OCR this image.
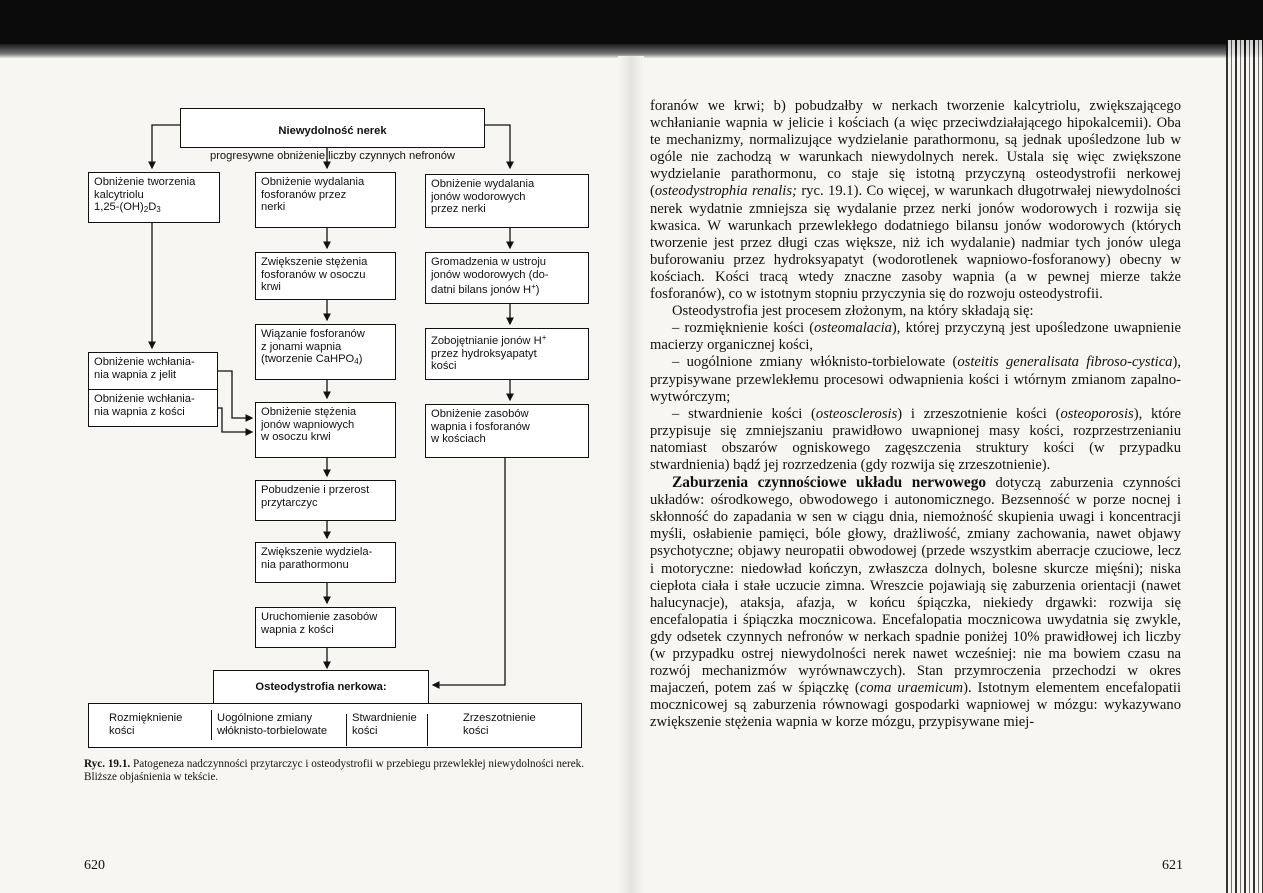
Niewydolność nerek

progresywne obniżenie liczby czynnych nefronów

Obniżenie tworzenia
kalcytriolu
$1,25-(OH)_2D_3$
Obniżenie wchłania-
nia wapnia z jelit
Obniżenie wchłania-
nia wapnia z kości
Obniżenie wydalania
fosforanów przez
nerki
Zwiększenie stężenia
fosforanów w osoczu
krwi
Wiązanie fosforanów
z jonami wapnia
(tworzenie CaHPO$_4$)
Obniżenie stężenia
jonów wapniowych
w osoczu krwi
Pobudzenie i przerost
przytarczyc
Zwiększenie wydziela-
nia parathormonu
Uruchomienie zasobów
wapnia z kości
Obniżenie wydalania
jonów wodorowych
przez nerki
Gromadzenia w ustroju
jonów wodorowych (do-
datni bilans jonów H+)
Zobojętnianie jonów H+
przez hydroksyapatyt
kości
Obniżenie zasobów
wapnia i fosforanów
w kościach
Osteodystrofia nerkowa:

Rozmięknienie
kości

Uogólnione zmiany
włóknisto-torbielowate

Stwardnienie
kości

Zrzeszotnienie
kości

Ryc. 19.1. Patogeneza nadczynności przytarczyc i osteodystrofii w przebiegu przewlekłej niewydolności nerek. Bliższe objaśnienia w tekście.
620	621

foranów we krwi; b) pobudzałby w nerkach tworzenie kalcytriolu, zwiększającego wchłanianie wapnia w jelicie i kościach (a więc przeciwdziałającego hipokalcemii). Oba te mechanizmy, normalizujące wydzielanie parathormonu, są jednak upośledzone lub w ogóle nie zachodzą w warunkach niewydolnych nerek. Ustala się więc zwiększone wydzielanie parathormonu, co staje się istotną przyczyną osteodystrofii nerkowej (osteodystrophia renalis; ryc. 19.1). Co więcej, w warunkach długotrwałej niewydolności nerek wydatnie zmniejsza się wydalanie przez nerki jonów wodorowych i rozwija się kwasica. W warunkach przewlekłego dodatniego bilansu jonów wodorowych (których tworzenie jest przez długi czas większe, niż ich wydalanie) nadmiar tych jonów ulega buforowaniu przez hydroksyapatyt (wodorotlenek wapniowo-fosforanowy) obecny w kościach. Kości tracą wtedy znaczne zasoby wapnia (a w pewnej mierze także fosforanów), co w istotnym stopniu przyczynia się do rozwoju osteodystrofii.

Osteodystrofia jest procesem złożonym, na który składają się:

– rozmięknienie kości (osteomalacia), której przyczyną jest upośledzone uwapnienie macierzy organicznej kości,

– uogólnione zmiany włóknisto-torbielowate (osteitis generalisata fibroso-cystica), przypisywane przewlekłemu procesowi odwapnienia kości i wtórnym zmianom zapalno-wytwórczym;

– stwardnienie kości (osteosclerosis) i zrzeszotnienie kości (osteoporosis), które przypisuje się zmniejszaniu prawidłowo uwapnionej masy kości, rozprzestrzenianiu natomiast obszarów ogniskowego zagęszczenia struktury kości (w przypadku stwardnienia) bądź jej rozrzedzenia (gdy rozwija się zrzeszotnienie).

Zaburzenia czynnościowe układu nerwowego dotyczą zaburzenia czynności układów: ośrodkowego, obwodowego i autonomicznego. Bezsenność w porze nocnej i skłonność do zapadania w sen w ciągu dnia, niemożność skupienia uwagi i koncentracji myśli, osłabienie pamięci, bóle głowy, drażliwość, zmiany zachowania, nawet objawy psychotyczne; objawy neuropatii obwodowej (przede wszystkim aberracje czuciowe, lecz i motoryczne: niedowład kończyn, zwłaszcza dolnych, bolesne skurcze mięśni); niska ciepłota ciała i stałe uczucie zimna. Wreszcie pojawiają się zaburzenia orientacji (nawet halucynacje), ataksja, afazja, w końcu śpiączka, niekiedy drgawki: rozwija się encefalopatia i śpiączka mocznicowa. Encefalopatia mocznicowa uwydatnia się zwykle, gdy odsetek czynnych nefronów w nerkach spadnie poniżej 10% prawidłowej ich liczby (w przypadku ostrej niewydolności nerek nawet wcześniej: nie ma bowiem czasu na rozwój mechanizmów wyrównawczych). Stan przymroczenia przechodzi w okres majaczeń, potem zaś w śpiączkę (coma uraemicum). Istotnym elementem encefalopatii mocznicowej są zaburzenia równowagi gospodarki wapniowej w mózgu: wykazywano zwiększenie stężenia wapnia w korze mózgu, przypisywane miej-
